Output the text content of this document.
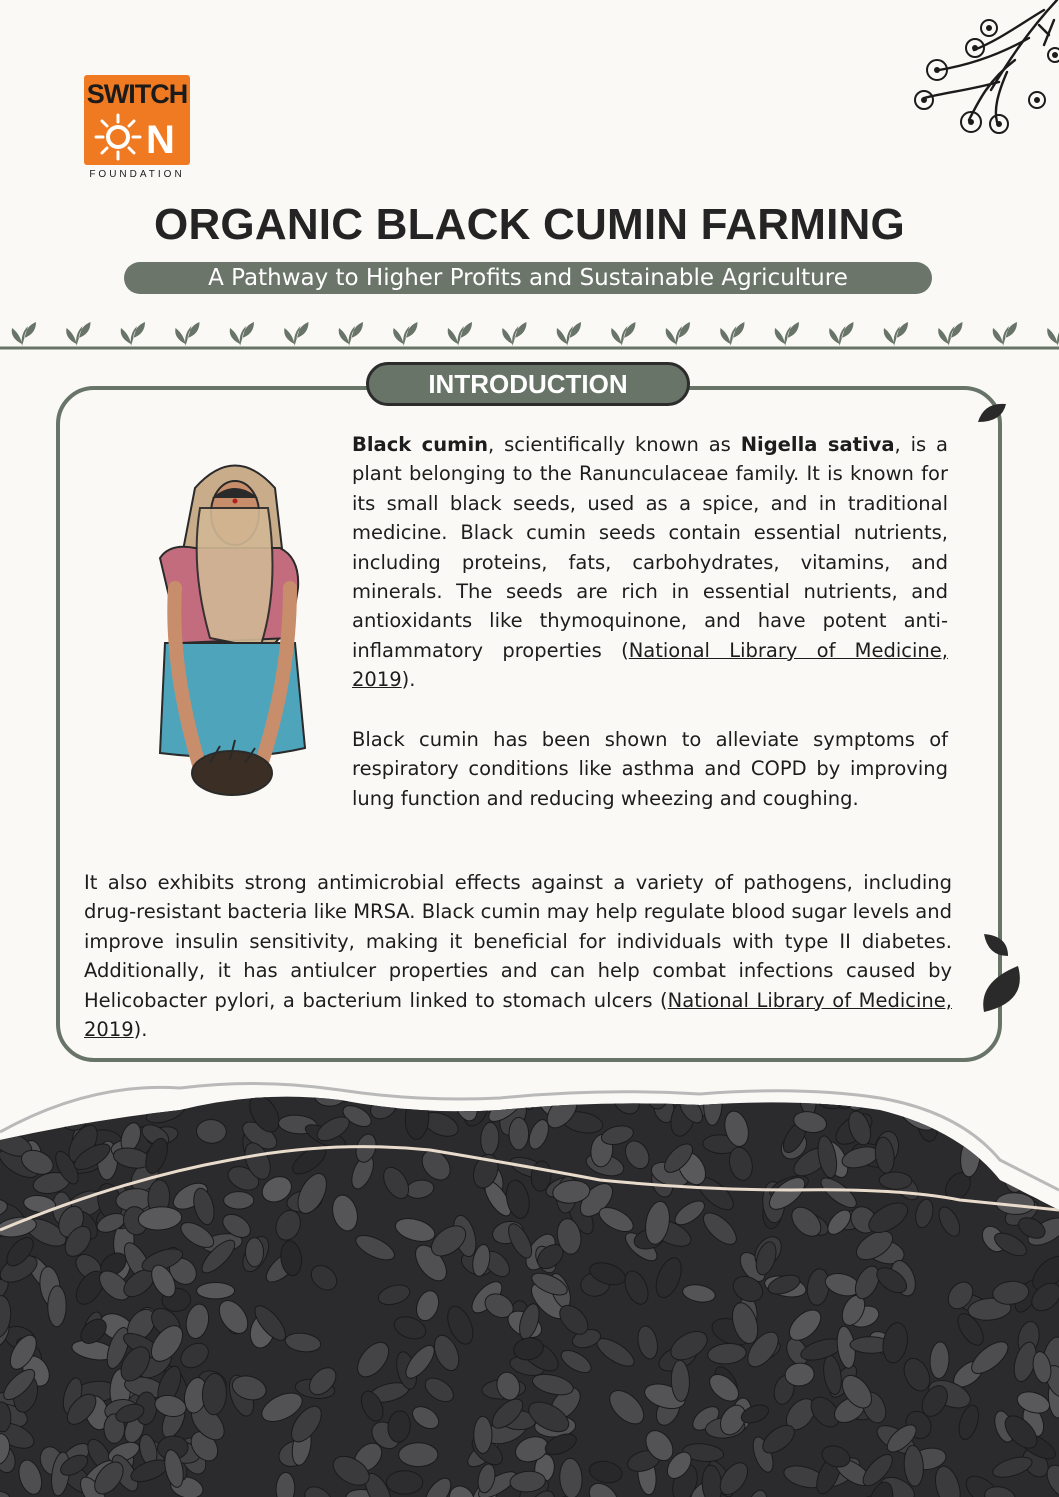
SWITCH
N
FOUNDATION
ORGANIC BLACK CUMIN FARMING
A Pathway to Higher Profits and Sustainable Agriculture
INTRODUCTION
Black cumin, scientifically known as Nigella sativa, is a plant belonging to the Ranunculaceae family. It is known for its small black seeds, used as a spice, and in traditional medicine. Black cumin seeds contain essential nutrients, including proteins, fats, carbohydrates, vitamins, and minerals. The seeds are rich in essential nutrients, and antioxidants like thymoquinone, and have potent anti-inflammatory properties (National Library of Medicine, 2019).
Black cumin has been shown to alleviate symptoms of respiratory conditions like asthma and COPD by improving lung function and reducing wheezing and coughing.
It also exhibits strong antimicrobial effects against a variety of pathogens, including drug-resistant bacteria like MRSA. Black cumin may help regulate blood sugar levels and improve insulin sensitivity, making it beneficial for individuals with type II diabetes. Additionally, it has antiulcer properties and can help combat infections caused by Helicobacter pylori, a bacterium linked to stomach ulcers (National Library of Medicine, 2019).
